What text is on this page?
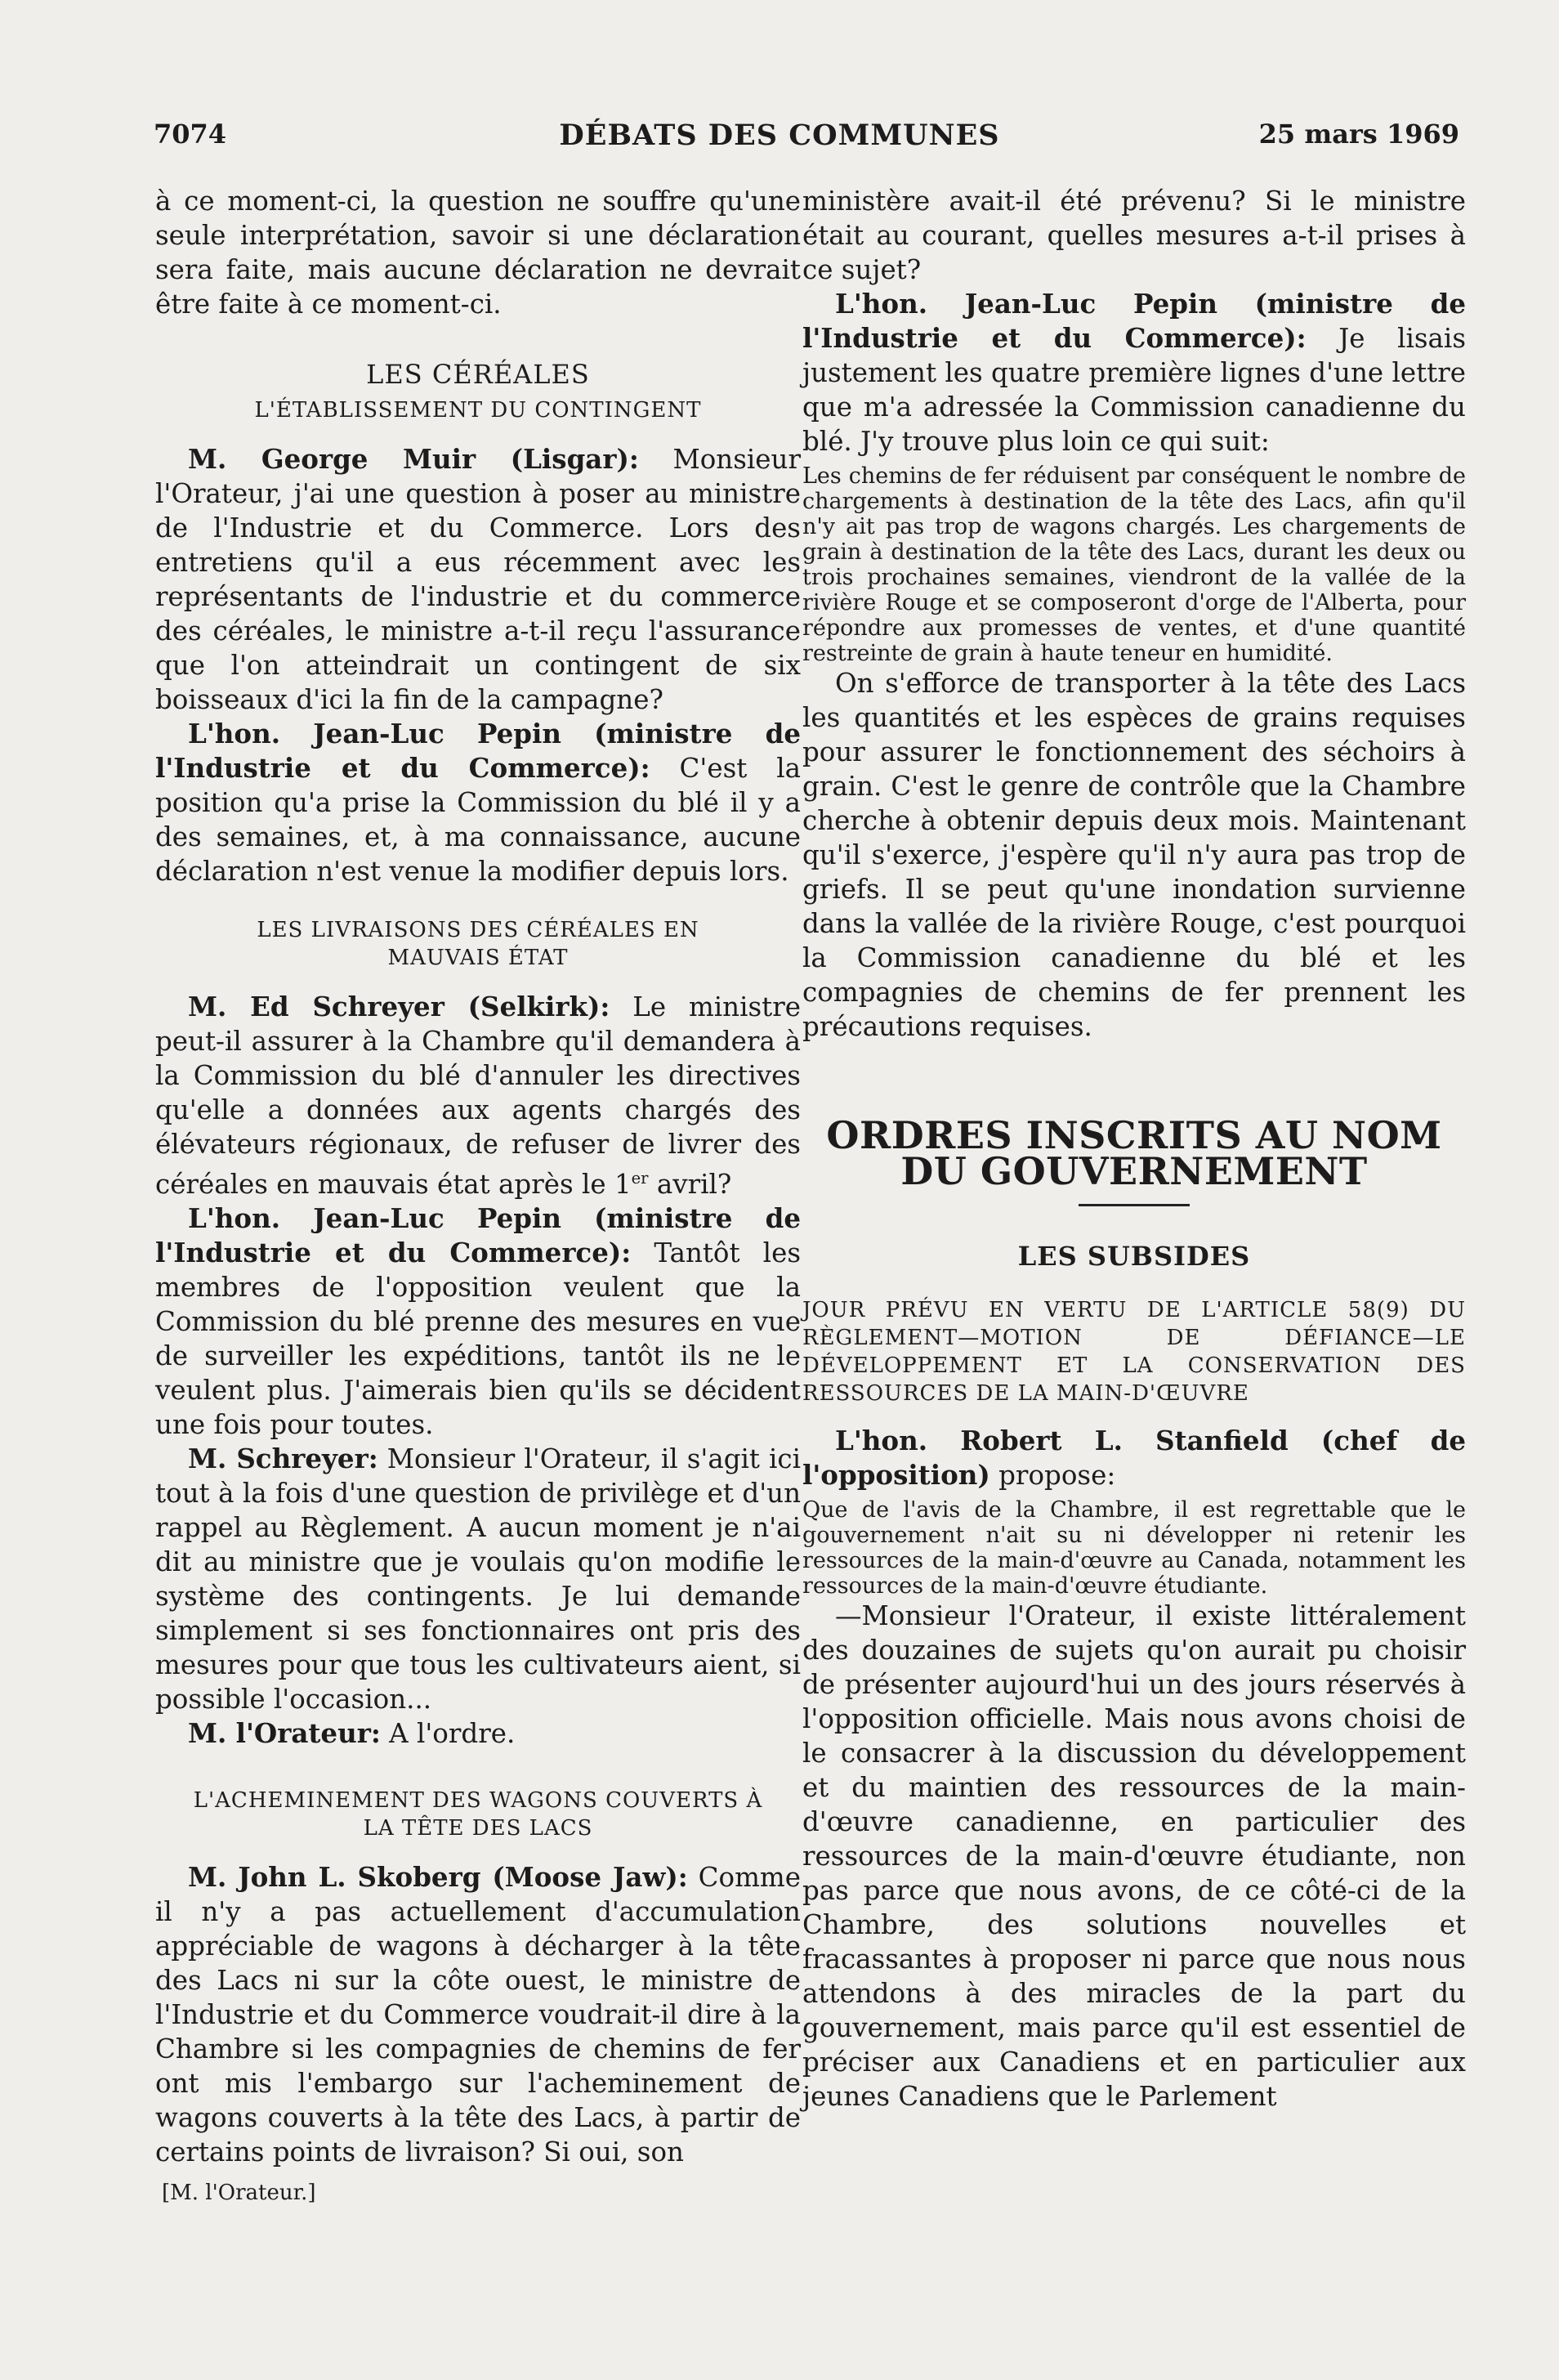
7074	DÉBATS DES COMMUNES	25 mars 1969

à ce moment-ci, la question ne souffre qu'une seule interprétation, savoir si une déclaration sera faite, mais aucune déclaration ne devrait être faite à ce moment-ci.

LES CÉRÉALES
L'ÉTABLISSEMENT DU CONTINGENT

M. George Muir (Lisgar): Monsieur l'Orateur, j'ai une question à poser au ministre de l'Industrie et du Commerce. Lors des entretiens qu'il a eus récemment avec les représentants de l'industrie et du commerce des céréales, le ministre a-t-il reçu l'assurance que l'on atteindrait un contingent de six boisseaux d'ici la fin de la campagne?

L'hon. Jean-Luc Pepin (ministre de l'Industrie et du Commerce): C'est la position qu'a prise la Commission du blé il y a des semaines, et, à ma connaissance, aucune déclaration n'est venue la modifier depuis lors.

LES LIVRAISONS DES CÉRÉALES EN MAUVAIS ÉTAT

M. Ed Schreyer (Selkirk): Le ministre peut-il assurer à la Chambre qu'il demandera à la Commission du blé d'annuler les directives qu'elle a données aux agents chargés des élévateurs régionaux, de refuser de livrer des céréales en mauvais état après le 1er avril?

L'hon. Jean-Luc Pepin (ministre de l'Industrie et du Commerce): Tantôt les membres de l'opposition veulent que la Commission du blé prenne des mesures en vue de surveiller les expéditions, tantôt ils ne le veulent plus. J'aimerais bien qu'ils se décident une fois pour toutes.

M. Schreyer: Monsieur l'Orateur, il s'agit ici tout à la fois d'une question de privilège et d'un rappel au Règlement. A aucun moment je n'ai dit au ministre que je voulais qu'on modifie le système des contingents. Je lui demande simplement si ses fonctionnaires ont pris des mesures pour que tous les cultivateurs aient, si possible l'occasion...

M. l'Orateur: A l'ordre.

L'ACHEMINEMENT DES WAGONS COUVERTS À LA TÊTE DES LACS

M. John L. Skoberg (Moose Jaw): Comme il n'y a pas actuellement d'accumulation appréciable de wagons à décharger à la tête des Lacs ni sur la côte ouest, le ministre de l'Industrie et du Commerce voudrait-il dire à la Chambre si les compagnies de chemins de fer ont mis l'embargo sur l'acheminement de wagons couverts à la tête des Lacs, à partir de certains points de livraison? Si oui, son

ministère avait-il été prévenu? Si le ministre était au courant, quelles mesures a-t-il prises à ce sujet?

L'hon. Jean-Luc Pepin (ministre de l'Industrie et du Commerce): Je lisais justement les quatre première lignes d'une lettre que m'a adressée la Commission canadienne du blé. J'y trouve plus loin ce qui suit:

Les chemins de fer réduisent par conséquent le nombre de chargements à destination de la tête des Lacs, afin qu'il n'y ait pas trop de wagons chargés. Les chargements de grain à destination de la tête des Lacs, durant les deux ou trois prochaines semaines, viendront de la vallée de la rivière Rouge et se composeront d'orge de l'Alberta, pour répondre aux promesses de ventes, et d'une quantité restreinte de grain à haute teneur en humidité.

On s'efforce de transporter à la tête des Lacs les quantités et les espèces de grains requises pour assurer le fonctionnement des séchoirs à grain. C'est le genre de contrôle que la Chambre cherche à obtenir depuis deux mois. Maintenant qu'il s'exerce, j'espère qu'il n'y aura pas trop de griefs. Il se peut qu'une inondation survienne dans la vallée de la rivière Rouge, c'est pourquoi la Commission canadienne du blé et les compagnies de chemins de fer prennent les précautions requises.

ORDRES INSCRITS AU NOM DU GOUVERNEMENT
LES SUBSIDES
JOUR PRÉVU EN VERTU DE L'ARTICLE 58(9) DU RÈGLEMENT—MOTION DE DÉFIANCE—LE DÉVELOPPEMENT ET LA CONSERVATION DES RESSOURCES DE LA MAIN-D'ŒUVRE

L'hon. Robert L. Stanfield (chef de l'opposition) propose:

Que de l'avis de la Chambre, il est regrettable que le gouvernement n'ait su ni développer ni retenir les ressources de la main-d'œuvre au Canada, notamment les ressources de la main-d'œuvre étudiante.

—Monsieur l'Orateur, il existe littéralement des douzaines de sujets qu'on aurait pu choisir de présenter aujourd'hui un des jours réservés à l'opposition officielle. Mais nous avons choisi de le consacrer à la discussion du développement et du maintien des ressources de la main-d'œuvre canadienne, en particulier des ressources de la main-d'œuvre étudiante, non pas parce que nous avons, de ce côté-ci de la Chambre, des solutions nouvelles et fracassantes à proposer ni parce que nous nous attendons à des miracles de la part du gouvernement, mais parce qu'il est essentiel de préciser aux Canadiens et en particulier aux jeunes Canadiens que le Parlement

[M. l'Orateur.]
